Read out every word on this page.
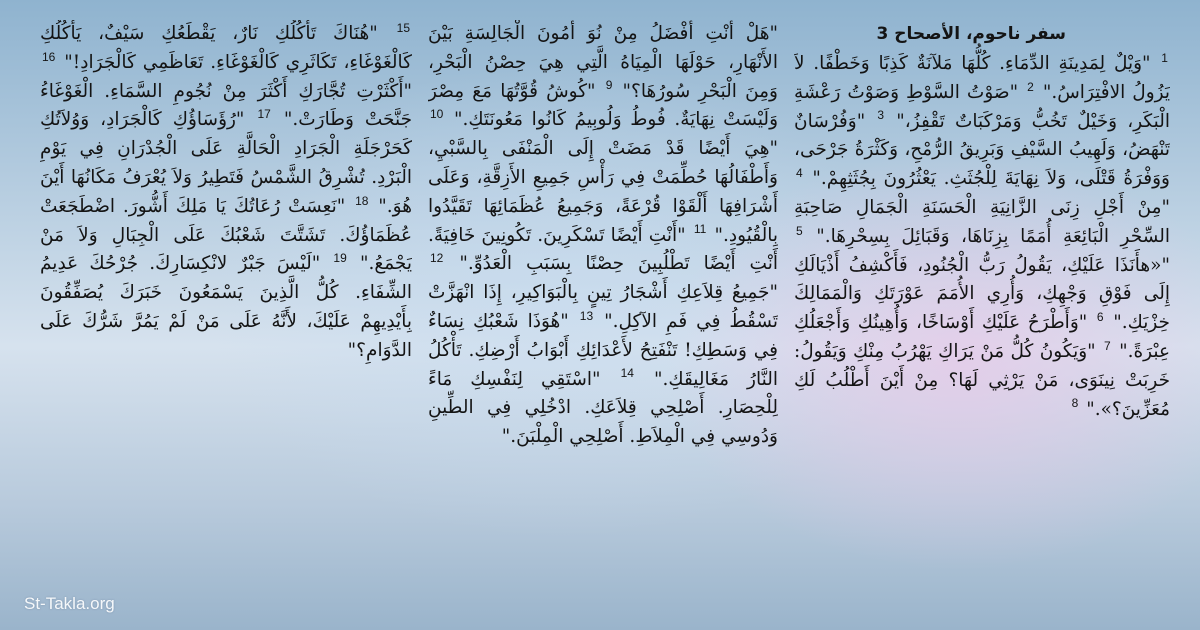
سفر ناحوم، الأصحاح 3

$^1$ "وَيْلٌ لِمَدِينَةِ الدِّمَاءِ. كُلُّهَا مَلآنَةٌ كَذِبًا وَخَطْفًا. لاَ يَزُولُ الافْتِرَاسُ."

$^2$ "صَوْتُ السَّوْطِ وَصَوْتُ رَعْشَةِ الْبَكَرِ، وَخَيْلٌ تَخُبُّ وَمَرْكَبَاتٌ تَقْفِزُ،"

$^3$ "وَفُرْسَانٌ تَنْهَضُ، وَلَهِيبُ السَّيْفِ وَبَرِيقُ الرُّمْحِ، وَكَثْرَةُ جَرْحَى، وَوَفْرَةُ قَتْلَى، وَلاَ نِهَايَةَ لِلْجُثَثِ. يَعْثُرُونَ بِجُثَثِهِمْ."

$^4$ "مِنْ أَجْلِ زِنَى الزَّانِيَةِ الْحَسَنَةِ الْجَمَالِ صَاحِبَةِ السِّحْرِ الْبَائِعَةِ أُمَمًا بِزِنَاهَا، وَقَبَائِلَ بِسِحْرِهَا."

$^5$ "«هأَنَذَا عَلَيْكِ، يَقُولُ رَبُّ الْجُنُودِ، فَأَكْشِفُ أَذْيَالَكِ إِلَى فَوْقِ وَجْهِكِ، وَأُرِي الأُمَمَ عَوْرَتَكِ وَالْمَمَالِكَ خِزْيَكِ."

$^6$ "وَأَطْرَحُ عَلَيْكِ أَوْسَاخًا، وَأُهِينُكِ وَأَجْعَلُكِ عِبْرَةً."

$^7$ "وَيَكُونُ كُلُّ مَنْ يَرَاكِ يَهْرُبُ مِنْكِ وَيَقُولُ: خَرِبَتْ نِينَوَى، مَنْ يَرْثِي لَهَا؟ مِنْ أَيْنَ أَطْلُبُ لَكِ مُعَزِّينَ؟»."

$^8$

"هَلْ أَنْتِ أَفْضَلُ مِنْ نُوَ أَمُونَ الْجَالِسَةِ بَيْنَ الأَنْهَارِ، حَوْلَهَا الْمِيَاهُ الَّتِي هِيَ حِصْنُ الْبَحْرِ، وَمِنَ الْبَحْرِ سُورُهَا؟"

$^9$ "كُوشُ قُوَّتُهَا مَعَ مِصْرَ وَلَيْسَتْ نِهَايَةٌ. فُوطُ وَلُوبِيمُ كَانُوا مَعُونَتَكِ."

$^{10}$ "هِيَ أَيْضًا قَدْ مَضَتْ إِلَى الْمَنْفَى بِالسَّبْيِ، وَأَطْفَالُهَا حُطِّمَتْ فِي رَأْسِ جَمِيعِ الأَزِقَّةِ، وَعَلَى أَشْرَافِهَا أَلْقَوْا قُرْعَةً، وَجَمِيعُ عُظَمَائِهَا تَقَيَّدُوا بِالْقُيُودِ."

$^{11}$ "أَنْتِ أَيْضًا تَسْكَرِينَ. تَكُونِينَ خَافِيَةً. أَنْتِ أَيْضًا تَطْلُبِينَ حِصْنًا بِسَبَبِ الْعَدُوِّ."

$^{12}$ "جَمِيعُ قِلاَعِكِ أَشْجَارُ تِينٍ بِالْبَوَاكِيرِ، إِذَا انْهَزَّتْ تَسْقُطُ فِي فَمِ الآكِلِ."

$^{13}$ "هُوَذَا شَعْبُكِ نِسَاءٌ فِي وَسَطِكِ! تَنْفَتِحُ لأَعْدَائِكِ أَبْوَابُ أَرْضِكِ. تَأْكُلُ النَّارُ مَغَالِيقَكِ."

$^{14}$ "اسْتَقِي لِنَفْسِكِ مَاءً لِلْحِصَارِ. أَصْلِحِي قِلاَعَكِ. ادْخُلِي فِي الطِّينِ وَدُوسِي فِي الْمِلاَطِ. أَصْلِحِي الْمِلْبَنَ."

$^{15}$ "هُنَاكَ تَأْكُلُكِ نَارٌ، يَقْطَعُكِ سَيْفٌ، يَأْكُلُكِ كَالْغَوْغَاءِ، تَكَاثَرِي كَالْغَوْغَاءِ. تَعَاظَمِي كَالْجَرَادِ!"

$^{16}$ "أَكْثَرْتِ تُجَّارَكِ أَكْثَرَ مِنْ نُجُومِ السَّمَاءِ. الْغَوْغَاءُ جَنَّحَتْ وَطَارَتْ."

$^{17}$ "رُؤَسَاؤُكِ كَالْجَرَادِ، وَوُلاَتُكِ كَحَرْجَلَةِ الْجَرَادِ الْحَالَّةِ عَلَى الْجُدْرَانِ فِي يَوْمِ الْبَرْدِ. تُشْرِقُ الشَّمْسُ فَتَطِيرُ وَلاَ يُعْرَفُ مَكَانُهَا أَيْنَ هُوَ."

$^{18}$ "نَعِسَتْ رُعَاتُكَ يَا مَلِكَ أَشُّورَ. اضْطَجَعَتْ عُظَمَاؤُكَ. تَشَتَّتَ شَعْبُكَ عَلَى الْجِبَالِ وَلاَ مَنْ يَجْمَعُ."

$^{19}$ "لَيْسَ جَبْرٌ لانْكِسَارِكَ. جُرْحُكَ عَدِيمُ الشِّفَاءِ. كُلُّ الَّذِينَ يَسْمَعُونَ خَبَرَكَ يُصَفِّقُونَ بِأَيْدِيهِمْ عَلَيْكَ، لأَنَّهُ عَلَى مَنْ لَمْ يَمُرَّ شَرُّكَ عَلَى الدَّوَامِ؟"

St-Takla.org
